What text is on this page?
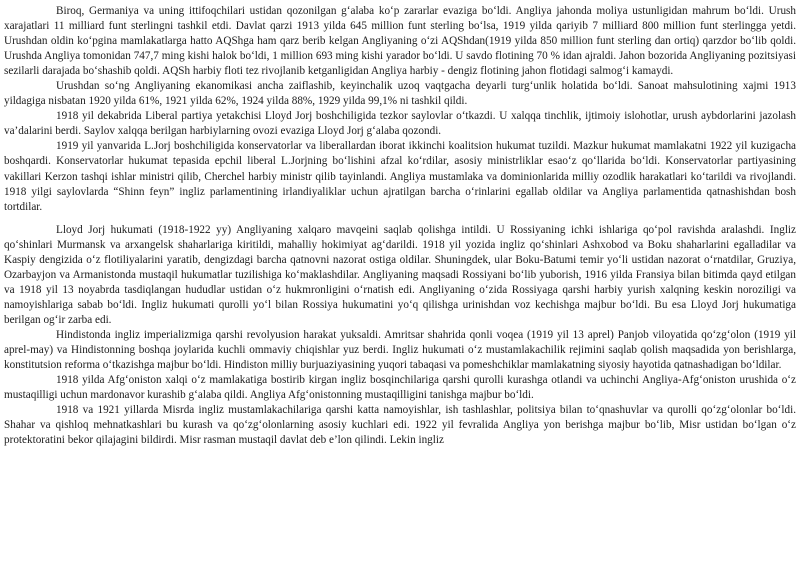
Biroq, Germaniya va uning ittifoqchilari ustidan qozonilgan g‘alaba ko‘p zararlar evaziga bo‘ldi. Angliya jahonda moliya ustunligidan mahrum bo‘ldi. Urush xarajatlari 11 milliard funt sterlingni tashkil etdi. Davlat qarzi 1913 yilda 645 million funt sterling bo‘lsa, 1919 yilda qariyib 7 milliard 800 million funt sterlingga yetdi. Urushdan oldin ko‘pgina mamlakatlarga hatto AQShga ham qarz berib kelgan Angliyaning o‘zi AQShdan(1919 yilda 850 million funt sterling dan ortiq) qarzdor bo‘lib qoldi. Urushda Angliya tomonidan 747,7 ming kishi halok bo‘ldi, 1 million 693 ming kishi yarador bo‘ldi. U savdo flotining 70 % idan ajraldi. Jahon bozorida Angliyaning pozitsiyasi sezilarli darajada bo‘shashib qoldi. AQSh harbiy floti tez rivojlanib ketganligidan Angliya harbiy - dengiz flotining jahon flotidagi salmog‘i kamaydi.

Urushdan so‘ng Angliyaning ekanomikasi ancha zaiflashib, keyinchalik uzoq vaqtgacha deyarli turg‘unlik holatida bo‘ldi. Sanoat mahsulotining xajmi 1913 yildagiga nisbatan 1920 yilda 61%, 1921 yilda 62%, 1924 yilda 88%, 1929 yilda 99,1% ni tashkil qildi.

1918 yil dekabrida Liberal partiya yetakchisi Lloyd Jorj boshchiligida tezkor saylovlar o‘tkazdi. U xalqqa tinchlik, ijtimoiy islohotlar, urush aybdorlarini jazolash va’dalarini berdi. Saylov xalqqa berilgan harbiylarning ovozi evaziga Lloyd Jorj g‘alaba qozondi.

1919 yil yanvarida L.Jorj boshchiligida konservatorlar va liberallardan iborat ikkinchi koalitsion hukumat tuzildi. Mazkur hukumat mamlakatni 1922 yil kuzigacha boshqardi. Konservatorlar hukumat tepasida epchil liberal L.Jorjning bo‘lishini afzal ko‘rdilar, asosiy ministrliklar esao‘z qo‘llarida bo‘ldi. Konservatorlar partiyasining vakillari Kerzon tashqi ishlar ministri qilib, Cherchel harbiy ministr qilib tayinlandi. Angliya mustamlaka va dominionlarida milliy ozodlik harakatlari ko‘tarildi va rivojlandi. 1918 yilgi saylovlarda “Shinn feyn” ingliz parlamentining irlandiyaliklar uchun ajratilgan barcha o‘rinlarini egallab oldilar va Angliya parlamentida qatnashishdan bosh tortdilar.

Lloyd Jorj hukumati (1918-1922 yy) Angliyaning xalqaro mavqeini saqlab qolishga intildi. U Rossiyaning ichki ishlariga qo‘pol ravishda aralashdi. Ingliz qo‘shinlari Murmansk va arxangelsk shaharlariga kiritildi, mahalliy hokimiyat ag‘darildi. 1918 yil yozida ingliz qo‘shinlari Ashxobod va Boku shaharlarini egalladilar va Kaspiy dengizida o‘z flotiliyalarini yaratib, dengizdagi barcha qatnovni nazorat ostiga oldilar. Shuningdek, ular Boku-Batumi temir yo‘li ustidan nazorat o‘rnatdilar, Gruziya, Ozarbayjon va Armanistonda mustaqil hukumatlar tuzilishiga ko‘maklashdilar. Angliyaning maqsadi Rossiyani bo‘lib yuborish, 1916 yilda Fransiya bilan bitimda qayd etilgan va 1918 yil 13 noyabrda tasdiqlangan hududlar ustidan o‘z hukmronligini o‘rnatish edi. Angliyaning o‘zida Rossiyaga qarshi harbiy yurish xalqning keskin noroziligi va namoyishlariga sabab bo‘ldi. Ingliz hukumati qurolli yo‘l bilan Rossiya hukumatini yo‘q qilishga urinishdan voz kechishga majbur bo‘ldi. Bu esa Lloyd Jorj hukumatiga berilgan og‘ir zarba edi.

Hindistonda ingliz imperializmiga qarshi revolyusion harakat yuksaldi. Amritsar shahrida qonli voqea (1919 yil 13 aprel) Panjob viloyatida qo‘zg‘olon (1919 yil aprel-may) va Hindistonning boshqa joylarida kuchli ommaviy chiqishlar yuz berdi. Ingliz hukumati o‘z mustamlakachilik rejimini saqlab qolish maqsadida yon berishlarga, konstitutsion reforma o‘tkazishga majbur bo‘ldi. Hindiston milliy burjuaziyasining yuqori tabaqasi va pomeshchiklar mamlakatning siyosiy hayotida qatnashadigan bo‘ldilar.

1918 yilda Afg‘oniston xalqi o‘z mamlakatiga bostirib kirgan ingliz bosqinchilariga qarshi qurolli kurashga otlandi va uchinchi Angliya-Afg‘oniston urushida o‘z mustaqilligi uchun mardonavor kurashib g‘alaba qildi. Angliya Afg‘onistonning mustaqilligini tanishga majbur bo‘ldi.

1918 va 1921 yillarda Misrda ingliz mustamlakachilariga qarshi katta namoyishlar, ish tashlashlar, politsiya bilan to‘qnashuvlar va qurolli qo‘zg‘olonlar bo‘ldi. Shahar va qishloq mehnatkashlari bu kurash va qo‘zg‘olonlarning asosiy kuchlari edi. 1922 yil fevralida Angliya yon berishga majbur bo‘lib, Misr ustidan bo‘lgan o‘z protektoratini bekor qilajagini bildirdi. Misr rasman mustaqil davlat deb e’lon qilindi. Lekin ingliz
